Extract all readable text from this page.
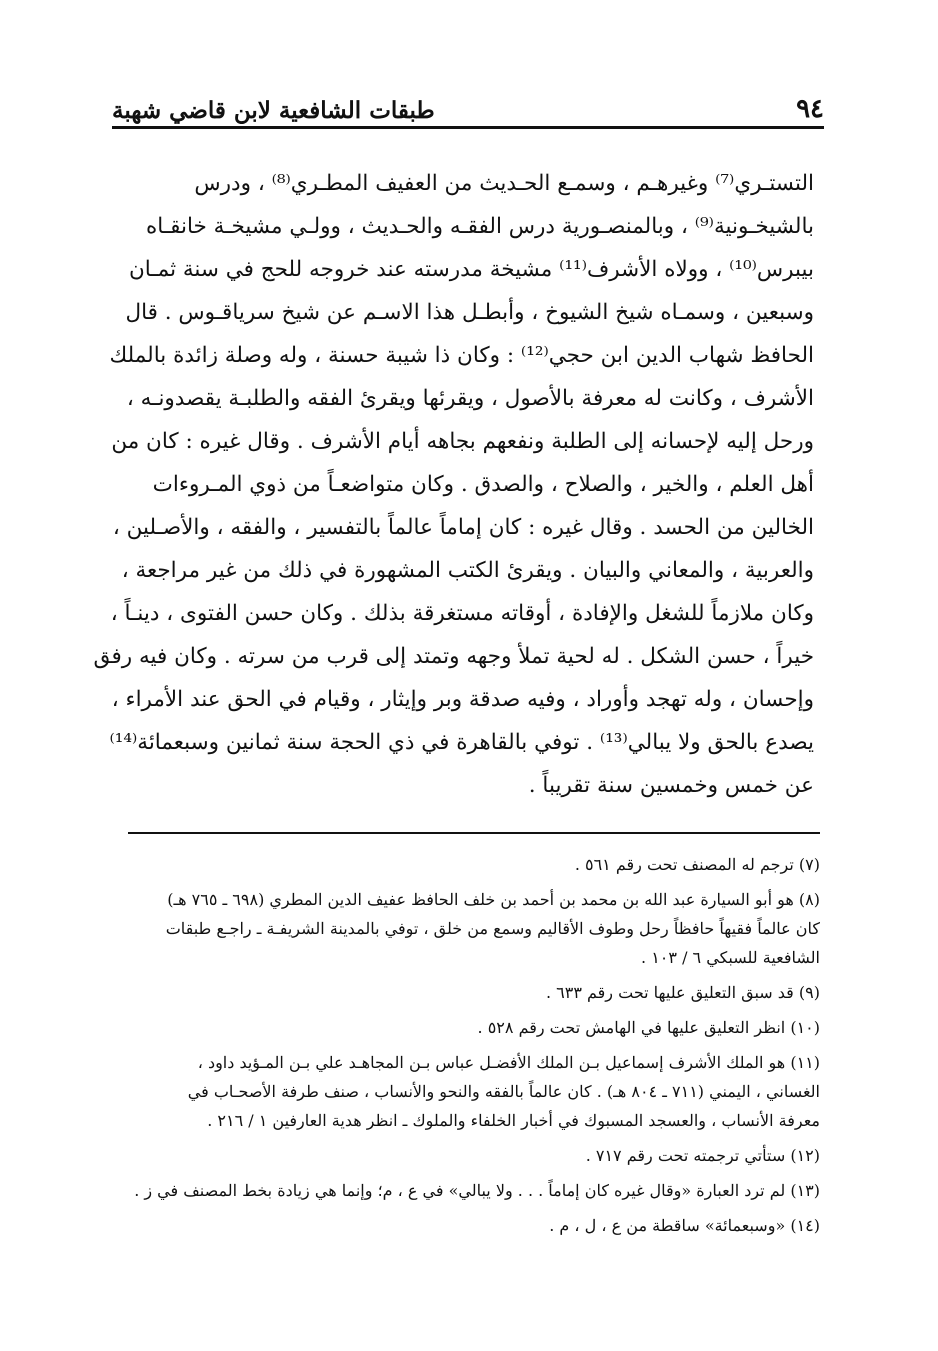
٩٤
طبقات الشافعية لابن قاضي شهبة
التستـري⁽⁷⁾ وغيرهـم ، وسمـع الحـديث من العفيف المطـري⁽⁸⁾ ، ودرس
بالشيخـونية⁽⁹⁾ ، وبالمنصـورية درس الفقـه والحـديث ، وولـي مشيخـة خانقـاه
بيبرس⁽¹⁰⁾ ، وولاه الأشرف⁽¹¹⁾ مشيخة مدرسته عند خروجه للحج في سنة ثمـان
وسبعين ، وسمـاه شيخ الشيوخ ، وأبطـل هذا الاسـم عن شيخ سرياقـوس . قال
الحافظ شهاب الدين ابن حجي⁽¹²⁾ : وكان ذا شيبة حسنة ، وله وصلة زائدة بالملك
الأشرف ، وكانت له معرفة بالأصول ، ويقرئها ويقرئ الفقه والطلبـة يقصدونـه ،
ورحل إليه لإحسانه إلى الطلبة ونفعهم بجاهه أيام الأشرف . وقال غيره : كان من
أهل العلم ، والخير ، والصلاح ، والصدق . وكان متواضعـاً من ذوي المـروءات
الخالين من الحسد . وقال غيره : كان إماماً عالماً بالتفسير ، والفقه ، والأصـلين ،
والعربية ، والمعاني والبيان . ويقرئ الكتب المشهورة في ذلك من غير مراجعة ،
وكان ملازماً للشغل والإفادة ، أوقاته مستغرقة بذلك . وكان حسن الفتوى ، دينـاً ،
خيراً ، حسن الشكل . له لحية تملأ وجهه وتمتد إلى قرب من سرته . وكان فيه رفق
وإحسان ، وله تهجد وأوراد ، وفيه صدقة وبر وإيثار ، وقيام في الحق عند الأمراء ،
يصدع بالحق ولا يبالي⁽¹³⁾ . توفي بالقاهرة في ذي الحجة سنة ثمانين وسبعمائة⁽¹⁴⁾
عن خمس وخمسين سنة تقريباً .
(٧) ترجم له المصنف تحت رقم ٥٦١ .
(٨) هو أبو السيارة عبد الله بن محمد بن أحمد بن خلف الحافظ عفيف الدين المطري (٦٩٨ ـ ٧٦٥ هـ)
كان عالماً فقيهاً حافظاً رحل وطوف الأقاليم وسمع من خلق ، توفي بالمدينة الشريفـة ـ راجـع طبقات
الشافعية للسبكي ٦ / ١٠٣ .
(٩) قد سبق التعليق عليها تحت رقم ٦٣٣ .
(١٠) انظر التعليق عليها في الهامش تحت رقم ٥٢٨ .
(١١) هو الملك الأشرف إسماعيل بـن الملك الأفضـل عباس بـن المجاهـد علي بـن المـؤيد داود ،
الغساني ، اليمني (٧١١ ـ ٨٠٤ هـ) . كان عالماً بالفقه والنحو والأنساب ، صنف طرفة الأصحـاب في
معرفة الأنساب ، والعسجد المسبوك في أخبار الخلفاء والملوك ـ انظر هدية العارفين ١ / ٢١٦ .
(١٢) ستأتي ترجمته تحت رقم ٧١٧ .
(١٣) لم ترد العبارة «وقال غيره كان إماماً . . . ولا يبالي» في ع ، م؛ وإنما هي زيادة بخط المصنف في ز .
(١٤) «وسبعمائة» ساقطة من ع ، ل ، م .
